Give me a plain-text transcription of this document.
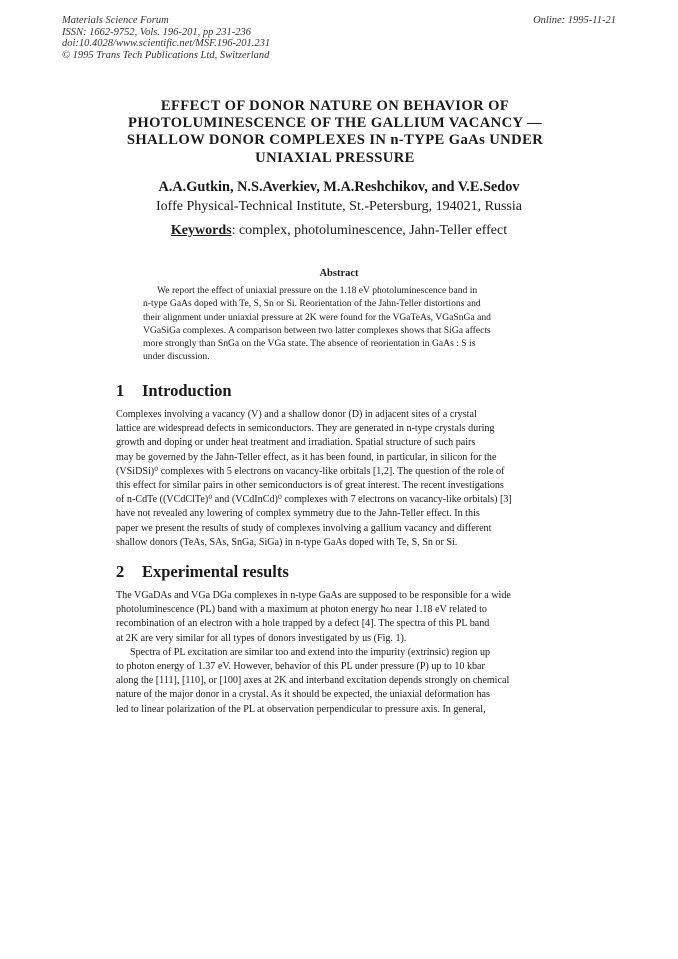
Materials Science Forum
ISSN: 1662-9752, Vols. 196-201, pp 231-236
doi:10.4028/www.scientific.net/MSF.196-201.231
© 1995 Trans Tech Publications Ltd, Switzerland
Online: 1995-11-21
EFFECT OF DONOR NATURE ON BEHAVIOR OF
PHOTOLUMINESCENCE OF THE GALLIUM VACANCY —
SHALLOW DONOR COMPLEXES IN n-TYPE GaAs UNDER
UNIAXIAL PRESSURE
A.A.Gutkin, N.S.Averkiev, M.A.Reshchikov, and V.E.Sedov
Ioffe Physical-Technical Institute, St.-Petersburg, 194021, Russia
Keywords: complex, photoluminescence, Jahn-Teller effect
Abstract
We report the effect of uniaxial pressure on the 1.18 eV photoluminescence band in
n-type GaAs doped with Te, S, Sn or Si. Reorientation of the Jahn-Teller distortions and
their alignment under uniaxial pressure at 2K were found for the VGaTeAs, VGaSnGa and
VGaSiGa complexes. A comparison between two latter complexes shows that SiGa affects
more strongly than SnGa on the VGa state. The absence of reorientation in GaAs : S is
under discussion.
1 Introduction
Complexes involving a vacancy (V) and a shallow donor (D) in adjacent sites of a crystal
lattice are widespread defects in semiconductors. They are generated in n-type crystals during
growth and doping or under heat treatment and irradiation. Spatial structure of such pairs
may be governed by the Jahn-Teller effect, as it has been found, in particular, in silicon for the
(VSiDSi)⁰ complexes with 5 electrons on vacancy-like orbitals [1,2]. The question of the role of
this effect for similar pairs in other semiconductors is of great interest. The recent investigations
of n-CdTe ((VCdClTe)⁰ and (VCdInCd)⁰ complexes with 7 electrons on vacancy-like orbitals) [3]
have not revealed any lowering of complex symmetry due to the Jahn-Teller effect. In this
paper we present the results of study of complexes involving a gallium vacancy and different
shallow donors (TeAs, SAs, SnGa, SiGa) in n-type GaAs doped with Te, S, Sn or Si.
2 Experimental results
The VGaDAs and VGa DGa complexes in n-type GaAs are supposed to be responsible for a wide
photoluminescence (PL) band with a maximum at photon energy ħω near 1.18 eV related to
recombination of an electron with a hole trapped by a defect [4]. The spectra of this PL band
at 2K are very similar for all types of donors investigated by us (Fig. 1).
Spectra of PL excitation are similar too and extend into the impurity (extrinsic) region up
to photon energy of 1.37 eV. However, behavior of this PL under pressure (P) up to 10 kbar
along the [111], [110], or [100] axes at 2K and interband excitation depends strongly on chemical
nature of the major donor in a crystal. As it should be expected, the uniaxial deformation has
led to linear polarization of the PL at observation perpendicular to pressure axis. In general,
